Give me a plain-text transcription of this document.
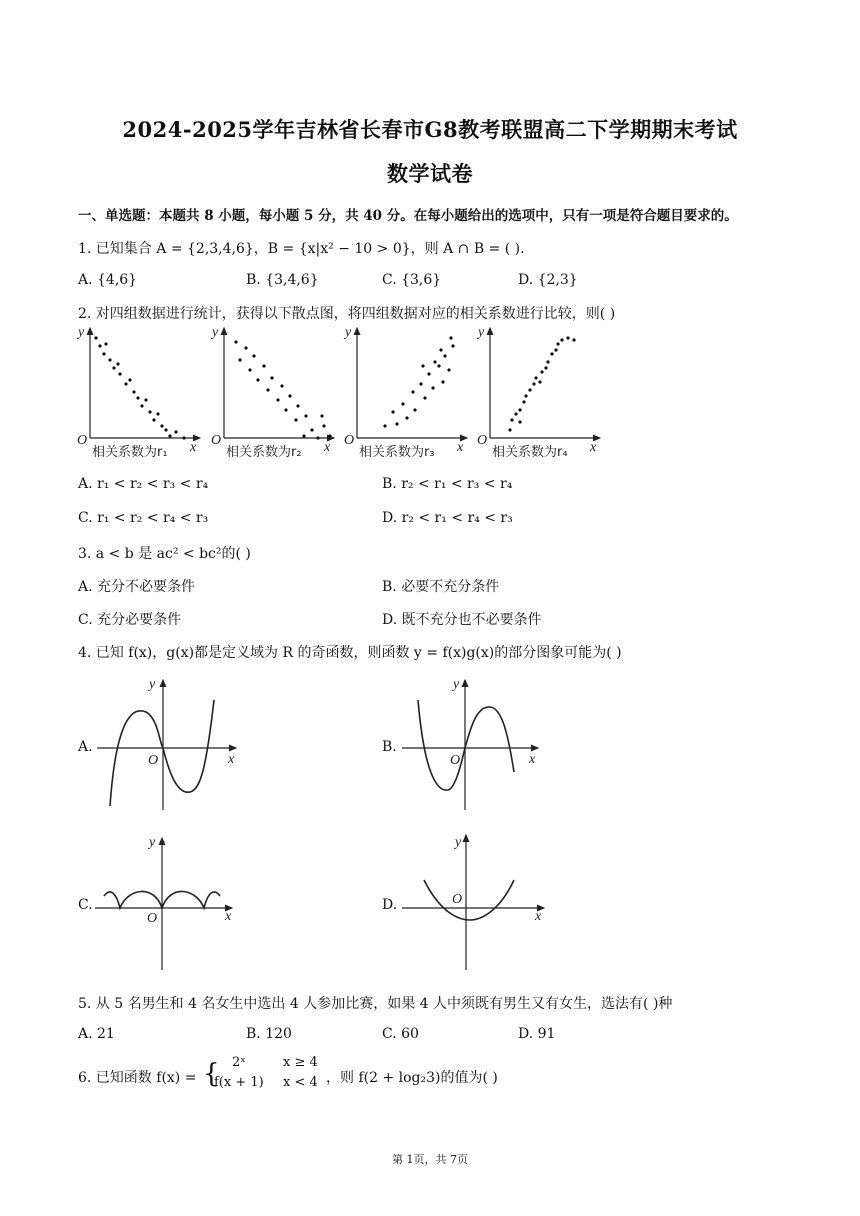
2024-2025学年吉林省长春市G8教考联盟高二下学期期末考试
数学试卷
一、单选题：本题共 8 小题，每小题 5 分，共 40 分。在每小题给出的选项中，只有一项是符合题目要求的。
1. 已知集合 A = {2,3,4,6}，B = {x|x² − 10 > 0}，则 A ∩ B = ( ).
A. {4,6}	B. {3,4,6}	C. {3,6}	D. {2,3}
2. 对四组数据进行统计，获得以下散点图，将四组数据对应的相关系数进行比较，则( )
y
O	x
相关系数为r₁
y
O	x
相关系数为r₂
y
O	x
相关系数为r₃
y
O	x
相关系数为r₄
A. r₁ < r₂ < r₃ < r₄	B. r₂ < r₁ < r₃ < r₄
C. r₁ < r₂ < r₄ < r₃	D. r₂ < r₁ < r₄ < r₃
3. a < b 是 ac² < bc²的( )
A. 充分不必要条件	B. 必要不充分条件
C. 充分必要条件	D. 既不充分也不必要条件
4. 已知 f(x)，g(x)都是定义域为 R 的奇函数，则函数 y = f(x)g(x)的部分图象可能为( )
A.	B.
C.	D.
y
x
O
y
x
O
y
x
O
y
x
O
5. 从 5 名男生和 4 名女生中选出 4 人参加比赛，如果 4 人中须既有男生又有女生，选法有( )种
A. 21	B. 120	C. 60	D. 91
6. 已知函数 f(x) = { 2ˣ	x ≥ 4
f(x + 1) x < 4 ，则 f(2 + log₂3)的值为( )
第 1页，共 7页
